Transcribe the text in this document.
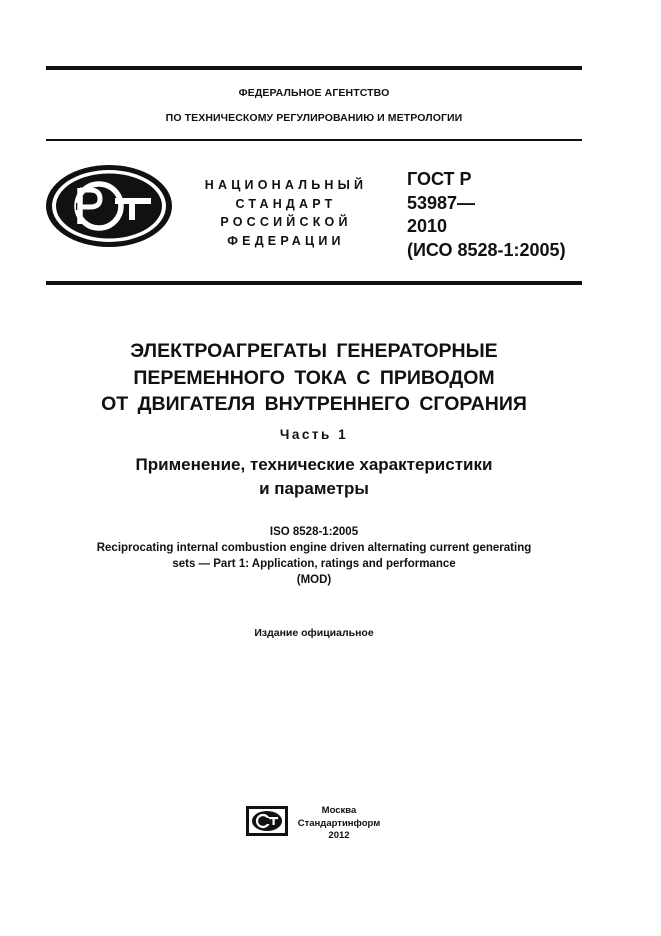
ФЕДЕРАЛЬНОЕ АГЕНТСТВО
ПО ТЕХНИЧЕСКОМУ РЕГУЛИРОВАНИЮ И МЕТРОЛОГИИ
НАЦИОНАЛЬНЫЙ
СТАНДАРТ
РОССИЙСКОЙ
ФЕДЕРАЦИИ
ГОСТ Р
53987—
2010
(ИСО 8528-1:2005)
ЭЛЕКТРОАГРЕГАТЫ ГЕНЕРАТОРНЫЕ
ПЕРЕМЕННОГО ТОКА С ПРИВОДОМ
ОТ ДВИГАТЕЛЯ ВНУТРЕННЕГО СГОРАНИЯ
Часть 1
Применение, технические характеристики
и параметры
ISO 8528-1:2005
Reciprocating internal combustion engine driven alternating current generating
sets — Part 1: Application, ratings and performance
(MOD)
Издание официальное
Москва
Стандартинформ
2012
